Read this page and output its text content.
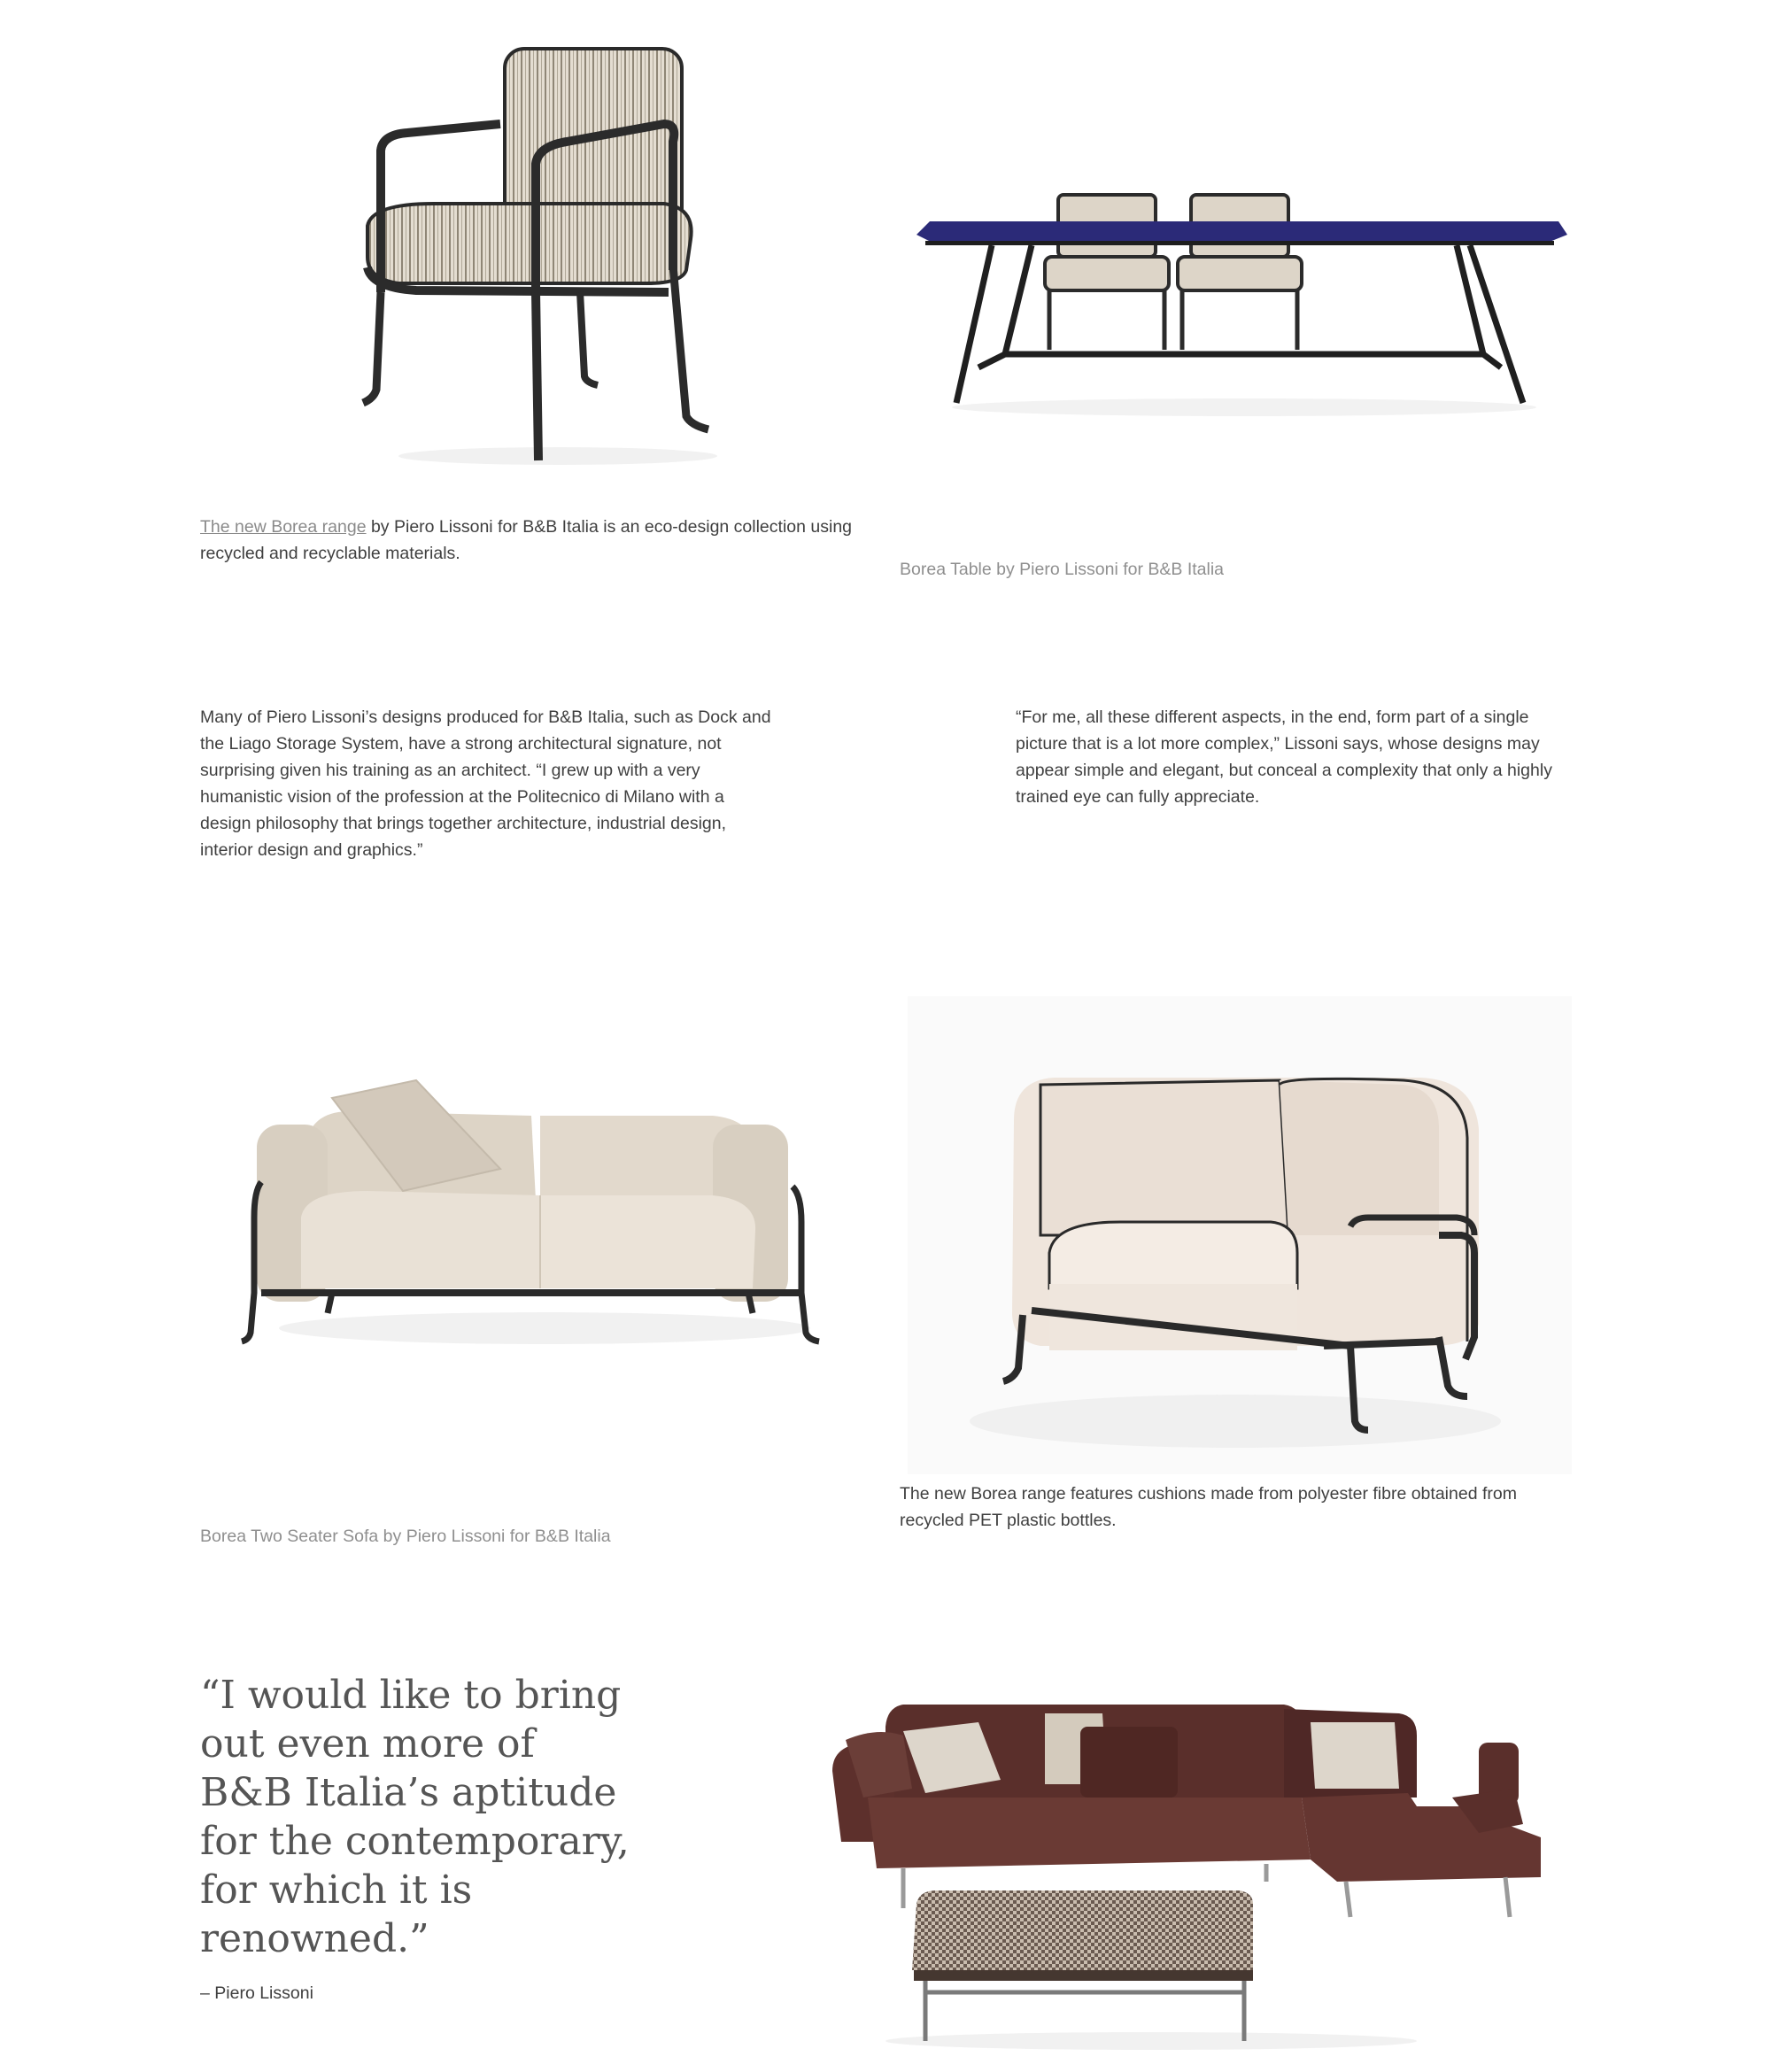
The new Borea range by Piero Lissoni for B&B Italia is an eco-design collection using recycled and recyclable materials.
Borea Table by Piero Lissoni for B&B Italia
Many of Piero Lissoni’s designs produced for B&B Italia, such as Dock and the Liago Storage System, have a strong architectural signature, not surprising given his training as an architect. “I grew up with a very humanistic vision of the profession at the Politecnico di Milano with a design philosophy that brings together architecture, industrial design, interior design and graphics.”
“For me, all these different aspects, in the end, form part of a single picture that is a lot more complex,” Lissoni says, whose designs may appear simple and elegant, but conceal a complexity that only a highly trained eye can fully appreciate.
Borea Two Seater Sofa by Piero Lissoni for B&B Italia
The new Borea range features cushions made from polyester fibre obtained from recycled PET plastic bottles.
“I would like to bring out even more of B&B Italia’s aptitude for the contemporary, for which it is renowned.”
– Piero Lissoni
